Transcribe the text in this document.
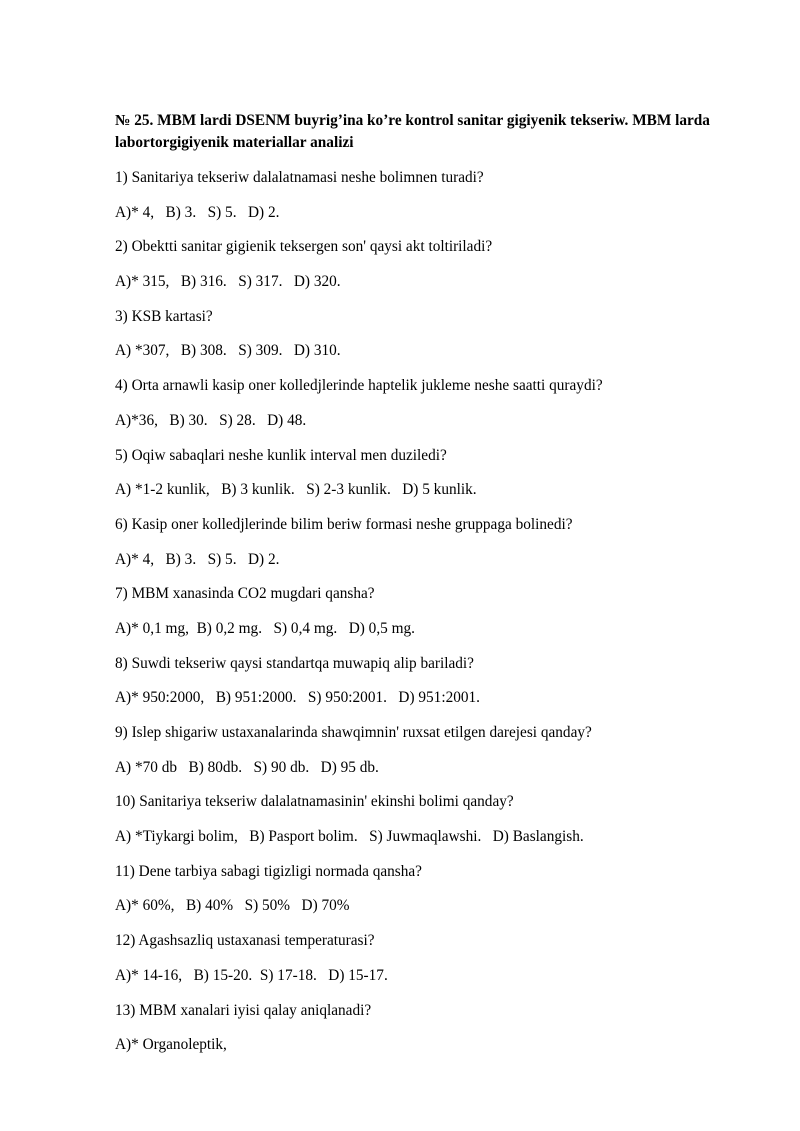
№ 25. MBM lardi DSENM buyrig’ina ko’re kontrol sanitar gigiyenik tekseriw. MBM larda labortorgigiyenik materiallar analizi
1) Sanitariya tekseriw dalalatnamasi neshe bolimnen turadi?
A)* 4,   B) 3.   S) 5.   D) 2.
2) Obektti sanitar gigienik teksergen son' qaysi akt toltiriladi?
A)* 315,   B) 316.   S) 317.   D) 320.
3) KSB kartasi?
A) *307,   B) 308.   S) 309.   D) 310.
4) Orta arnawli kasip oner kolledjlerinde haptelik jukleme neshe saatti quraydi?
A)*36,   B) 30.   S) 28.   D) 48.
5) Oqiw sabaqlari neshe kunlik interval men duziledi?
A) *1-2 kunlik,   B) 3 kunlik.   S) 2-3 kunlik.   D) 5 kunlik.
6) Kasip oner kolledjlerinde bilim beriw formasi neshe gruppaga bolinedi?
A)* 4,   B) 3.   S) 5.   D) 2.
7) MBM xanasinda CO2 mugdari qansha?
A)* 0,1 mg,  B) 0,2 mg.   S) 0,4 mg.   D) 0,5 mg.
8) Suwdi tekseriw qaysi standartqa muwapiq alip bariladi?
A)* 950:2000,   B) 951:2000.   S) 950:2001.   D) 951:2001.
9) Islep shigariw ustaxanalarinda shawqimnin' ruxsat etilgen darejesi qanday?
A) *70 db   B) 80db.   S) 90 db.   D) 95 db.
10) Sanitariya tekseriw dalalatnamasinin' ekinshi bolimi qanday?
A) *Tiykargi bolim,   B) Pasport bolim.   S) Juwmaqlawshi.   D) Baslangish.
11) Dene tarbiya sabagi tigizligi normada qansha?
A)* 60%,   B) 40%   S) 50%   D) 70%
12) Agashsazliq ustaxanasi temperaturasi?
A)* 14-16,   B) 15-20.  S) 17-18.   D) 15-17.
13) MBM xanalari iyisi qalay aniqlanadi?
A)* Organoleptik,
